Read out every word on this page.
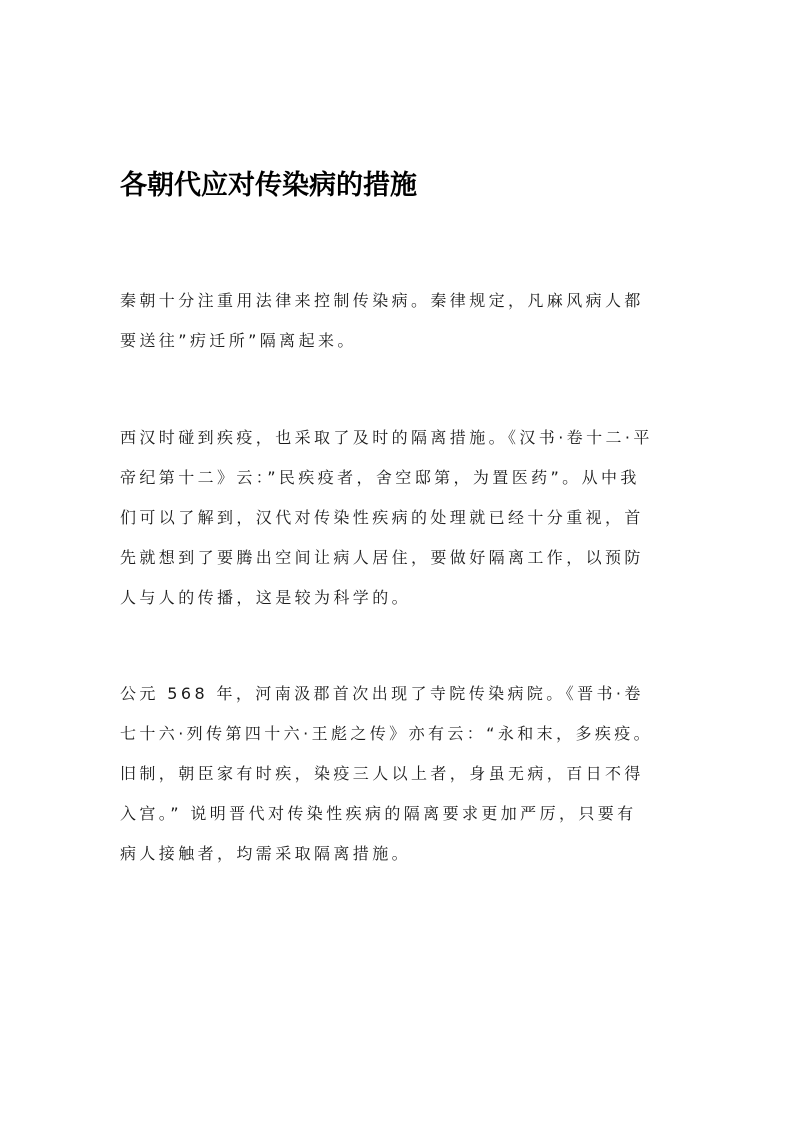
各朝代应对传染病的措施

秦朝十分注重用法律来控制传染病。秦律规定，凡麻风病人都
要送往”疠迁所”隔离起来。

西汉时碰到疾疫，也采取了及时的隔离措施。《汉书·卷十二·平
帝纪第十二》云：”民疾疫者，舍空邸第，为置医药”。从中我
们可以了解到，汉代对传染性疾病的处理就已经十分重视，首
先就想到了要腾出空间让病人居住，要做好隔离工作，以预防
人与人的传播，这是较为科学的。

公元 568 年，河南汲郡首次出现了寺院传染病院。《晋书·卷
七十六·列传第四十六·王彪之传》亦有云：“永和末，多疾疫。
旧制，朝臣家有时疾，染疫三人以上者，身虽无病，百日不得
入宫。” 说明晋代对传染性疾病的隔离要求更加严厉，只要有
病人接触者，均需采取隔离措施。
